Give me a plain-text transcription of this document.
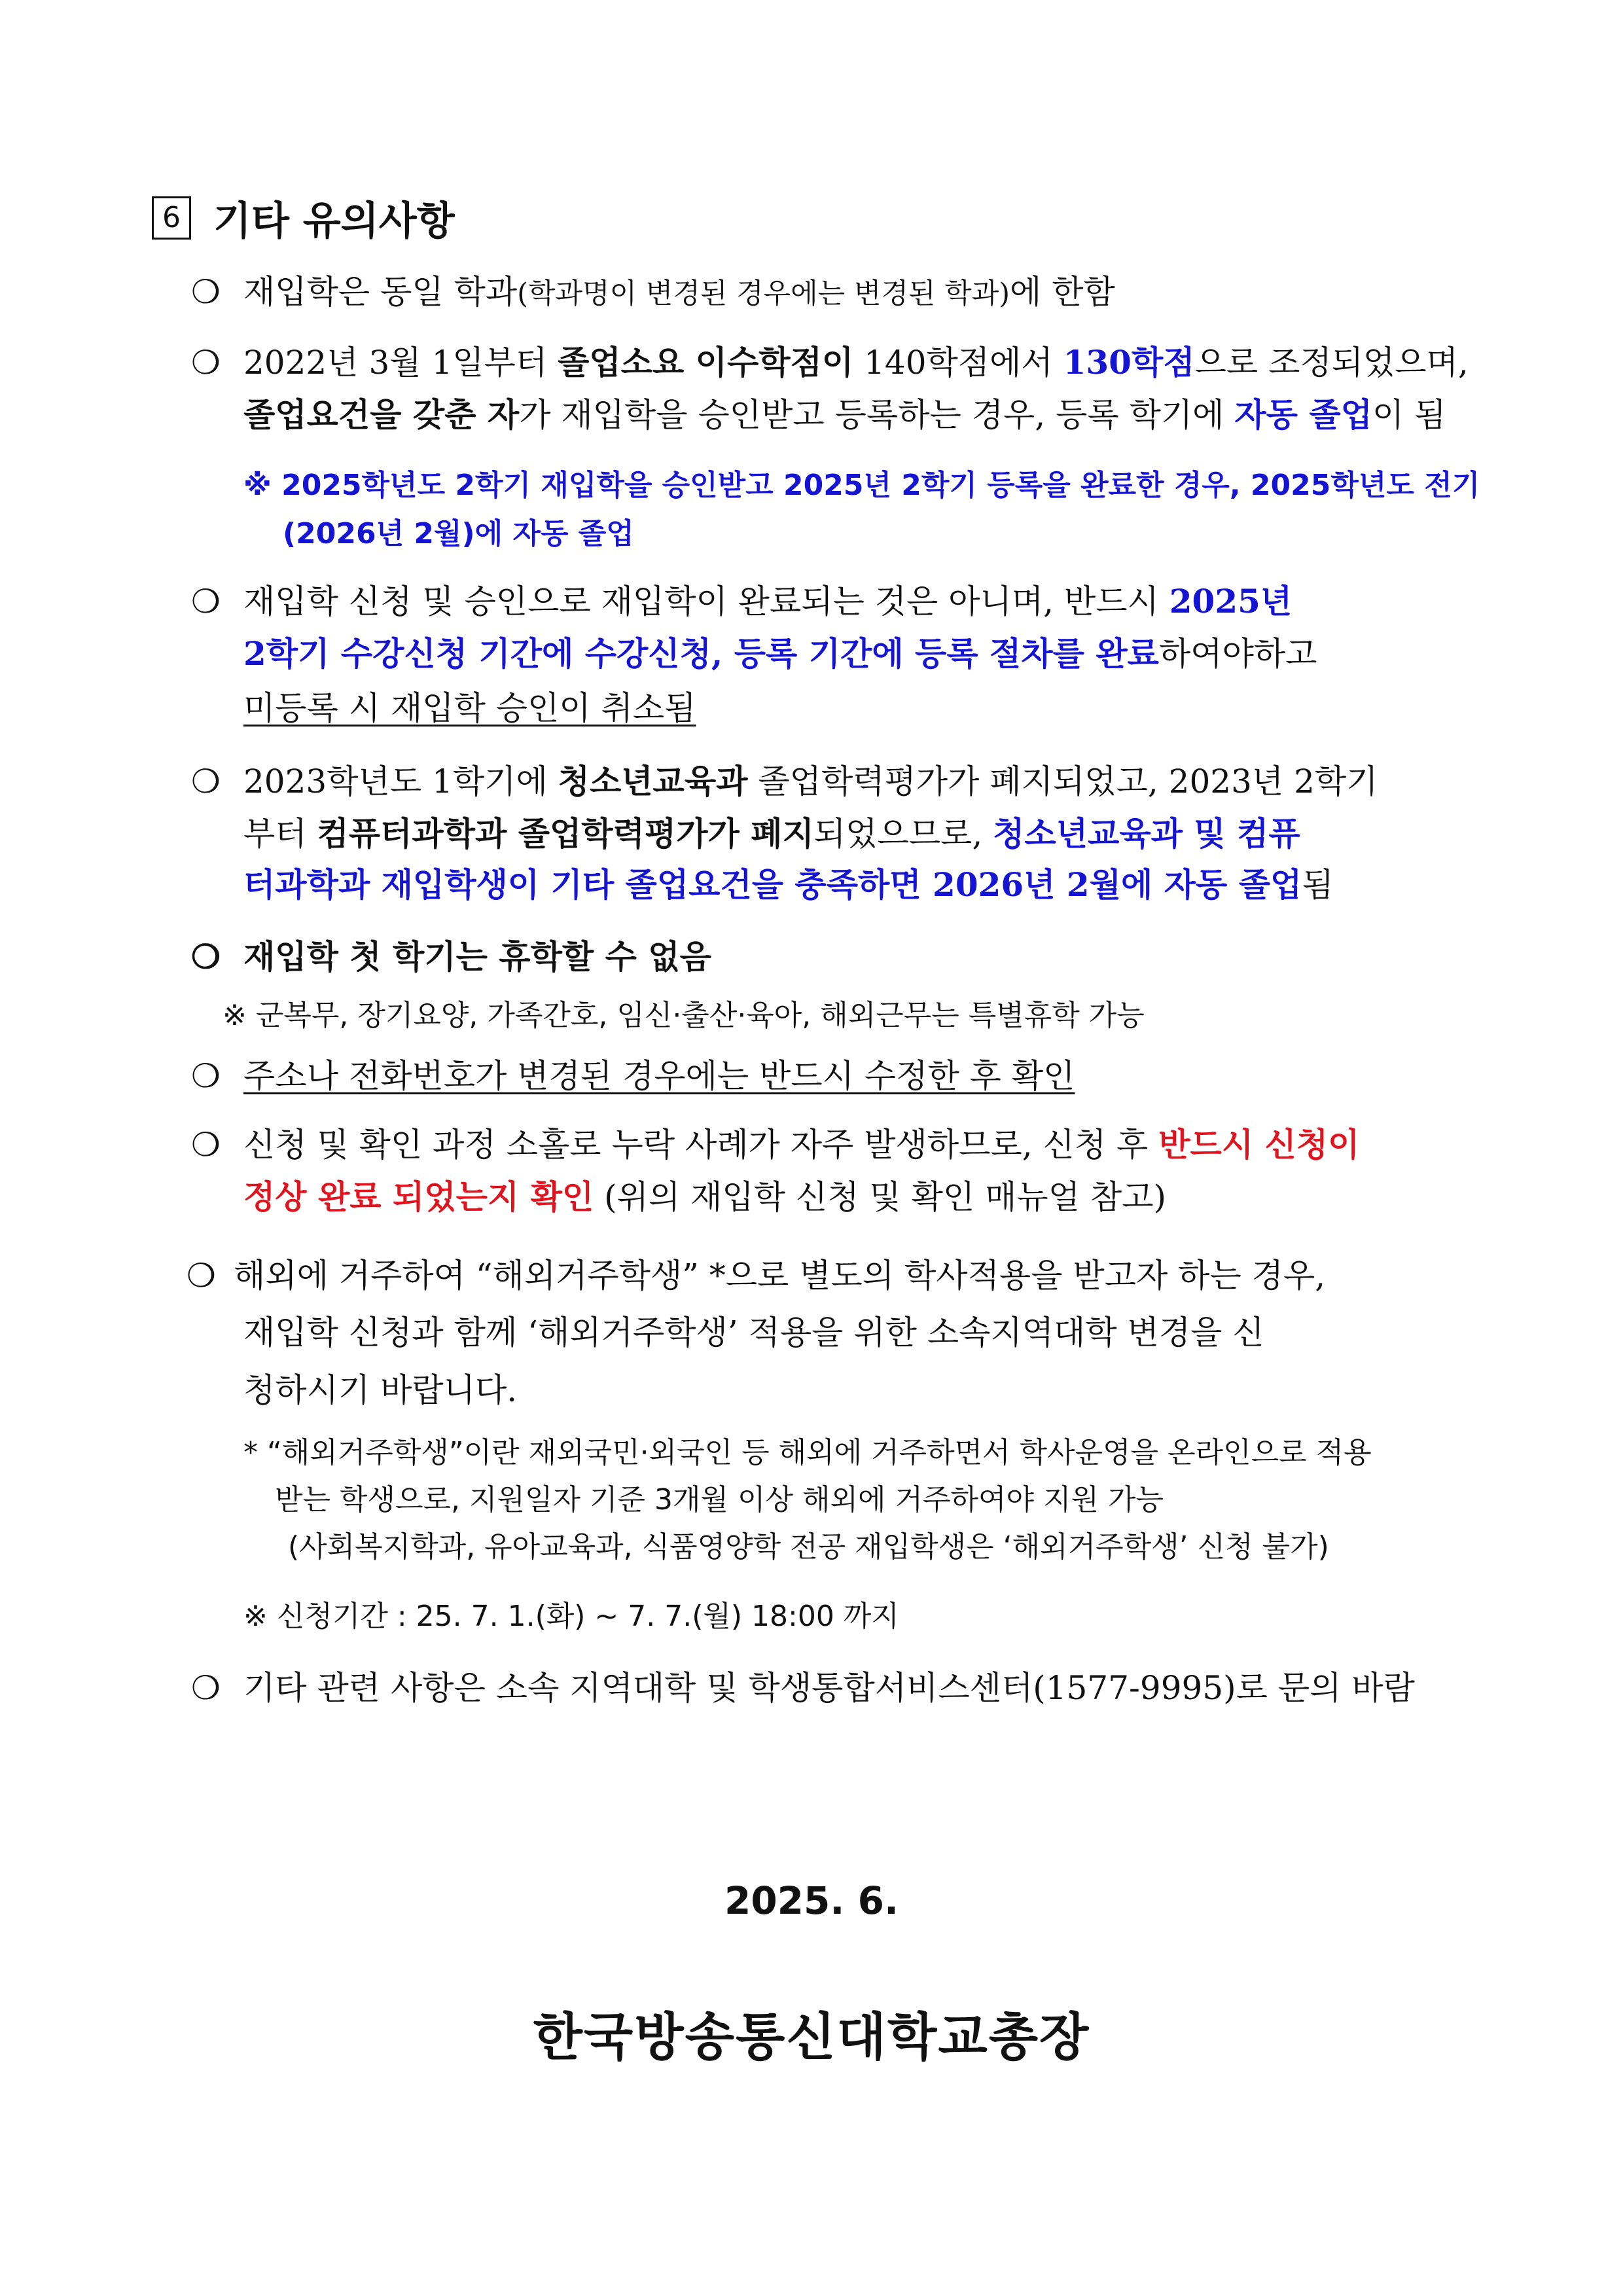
6 기타 유의사항
재입학은 동일 학과(학과명이 변경된 경우에는 변경된 학과)에 한함
2022년 3월 1일부터 졸업소요 이수학점이 140학점에서 130학점으로 조정되었으며,
졸업요건을 갖춘 자가 재입학을 승인받고 등록하는 경우, 등록 학기에 자동 졸업이 됨
※ 2025학년도 2학기 재입학을 승인받고 2025년 2학기 등록을 완료한 경우, 2025학년도 전기
(2026년 2월)에 자동 졸업
재입학 신청 및 승인으로 재입학이 완료되는 것은 아니며, 반드시 2025년
2학기 수강신청 기간에 수강신청, 등록 기간에 등록 절차를 완료하여야하고
미등록 시 재입학 승인이 취소됨
2023학년도 1학기에 청소년교육과 졸업학력평가가 폐지되었고, 2023년 2학기
부터 컴퓨터과학과 졸업학력평가가 폐지되었으므로, 청소년교육과 및 컴퓨
터과학과 재입학생이 기타 졸업요건을 충족하면 2026년 2월에 자동 졸업됨
재입학 첫 학기는 휴학할 수 없음
※ 군복무, 장기요양, 가족간호, 임신·출산·육아, 해외근무는 특별휴학 가능
주소나 전화번호가 변경된 경우에는 반드시 수정한 후 확인
신청 및 확인 과정 소홀로 누락 사례가 자주 발생하므로, 신청 후 반드시 신청이
정상 완료 되었는지 확인 (위의 재입학 신청 및 확인 매뉴얼 참고)
해외에 거주하여 “해외거주학생” *으로 별도의 학사적용을 받고자 하는 경우,
재입학 신청과 함께 ‘해외거주학생’ 적용을 위한 소속지역대학 변경을 신
청하시기 바랍니다.
* “해외거주학생”이란 재외국민·외국인 등 해외에 거주하면서 학사운영을 온라인으로 적용
받는 학생으로, 지원일자 기준 3개월 이상 해외에 거주하여야 지원 가능
(사회복지학과, 유아교육과, 식품영양학 전공 재입학생은 ‘해외거주학생’ 신청 불가)
※ 신청기간 : 25. 7. 1.(화) ~ 7. 7.(월) 18:00 까지
기타 관련 사항은 소속 지역대학 및 학생통합서비스센터(1577-9995)로 문의 바람
2025. 6.
한국방송통신대학교총장
